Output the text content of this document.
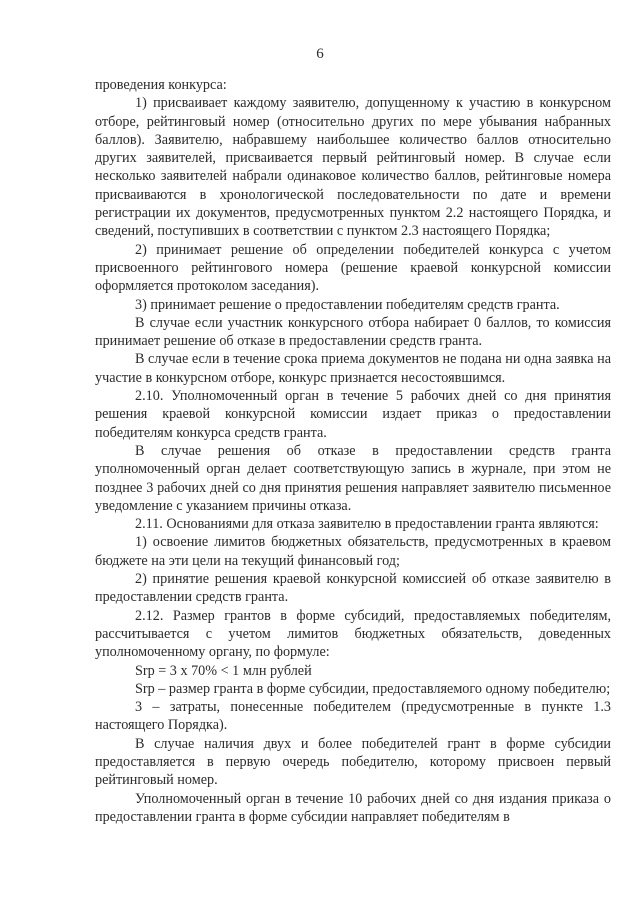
6

проведения конкурса:

1) присваивает каждому заявителю, допущенному к участию в конкурсном отборе, рейтинговый номер (относительно других по мере убывания набранных баллов). Заявителю, набравшему наибольшее количество баллов относительно других заявителей, присваивается первый рейтинговый номер. В случае если несколько заявителей набрали одинаковое количество баллов, рейтинговые номера присваиваются в хронологической последовательности по дате и времени регистрации их документов, предусмотренных пунктом 2.2 настоящего Порядка, и сведений, поступивших в соответствии с пунктом 2.3 настоящего Порядка;

2) принимает решение об определении победителей конкурса с учетом присвоенного рейтингового номера (решение краевой конкурсной комиссии оформляется протоколом заседания).

3) принимает решение о предоставлении победителям средств гранта.

В случае если участник конкурсного отбора набирает 0 баллов, то комиссия принимает решение об отказе в предоставлении средств гранта.

В случае если в течение срока приема документов не подана ни одна заявка на участие в конкурсном отборе, конкурс признается несостоявшимся.

2.10. Уполномоченный орган в течение 5 рабочих дней со дня принятия решения краевой конкурсной комиссии издает приказ о предоставлении победителям конкурса средств гранта.

В случае решения об отказе в предоставлении средств гранта уполномоченный орган делает соответствующую запись в журнале, при этом не позднее 3 рабочих дней со дня принятия решения направляет заявителю письменное уведомление с указанием причины отказа.

2.11. Основаниями для отказа заявителю в предоставлении гранта являются:

1) освоение лимитов бюджетных обязательств, предусмотренных в краевом бюджете на эти цели на текущий финансовый год;

2) принятие решения краевой конкурсной комиссией об отказе заявителю в предоставлении средств гранта.

2.12. Размер грантов в форме субсидий, предоставляемых победителям, рассчитывается с учетом лимитов бюджетных обязательств, доведенных уполномоченному органу, по формуле:

Srp = 3 х 70% < 1 млн рублей

Srp – размер гранта в форме субсидии, предоставляемого одному победителю;

3 – затраты, понесенные победителем (предусмотренные в пункте 1.3 настоящего Порядка).

В случае наличия двух и более победителей грант в форме субсидии предоставляется в первую очередь победителю, которому присвоен первый рейтинговый номер.

Уполномоченный орган в течение 10 рабочих дней со дня издания приказа о предоставлении гранта в форме субсидии направляет победителям в
